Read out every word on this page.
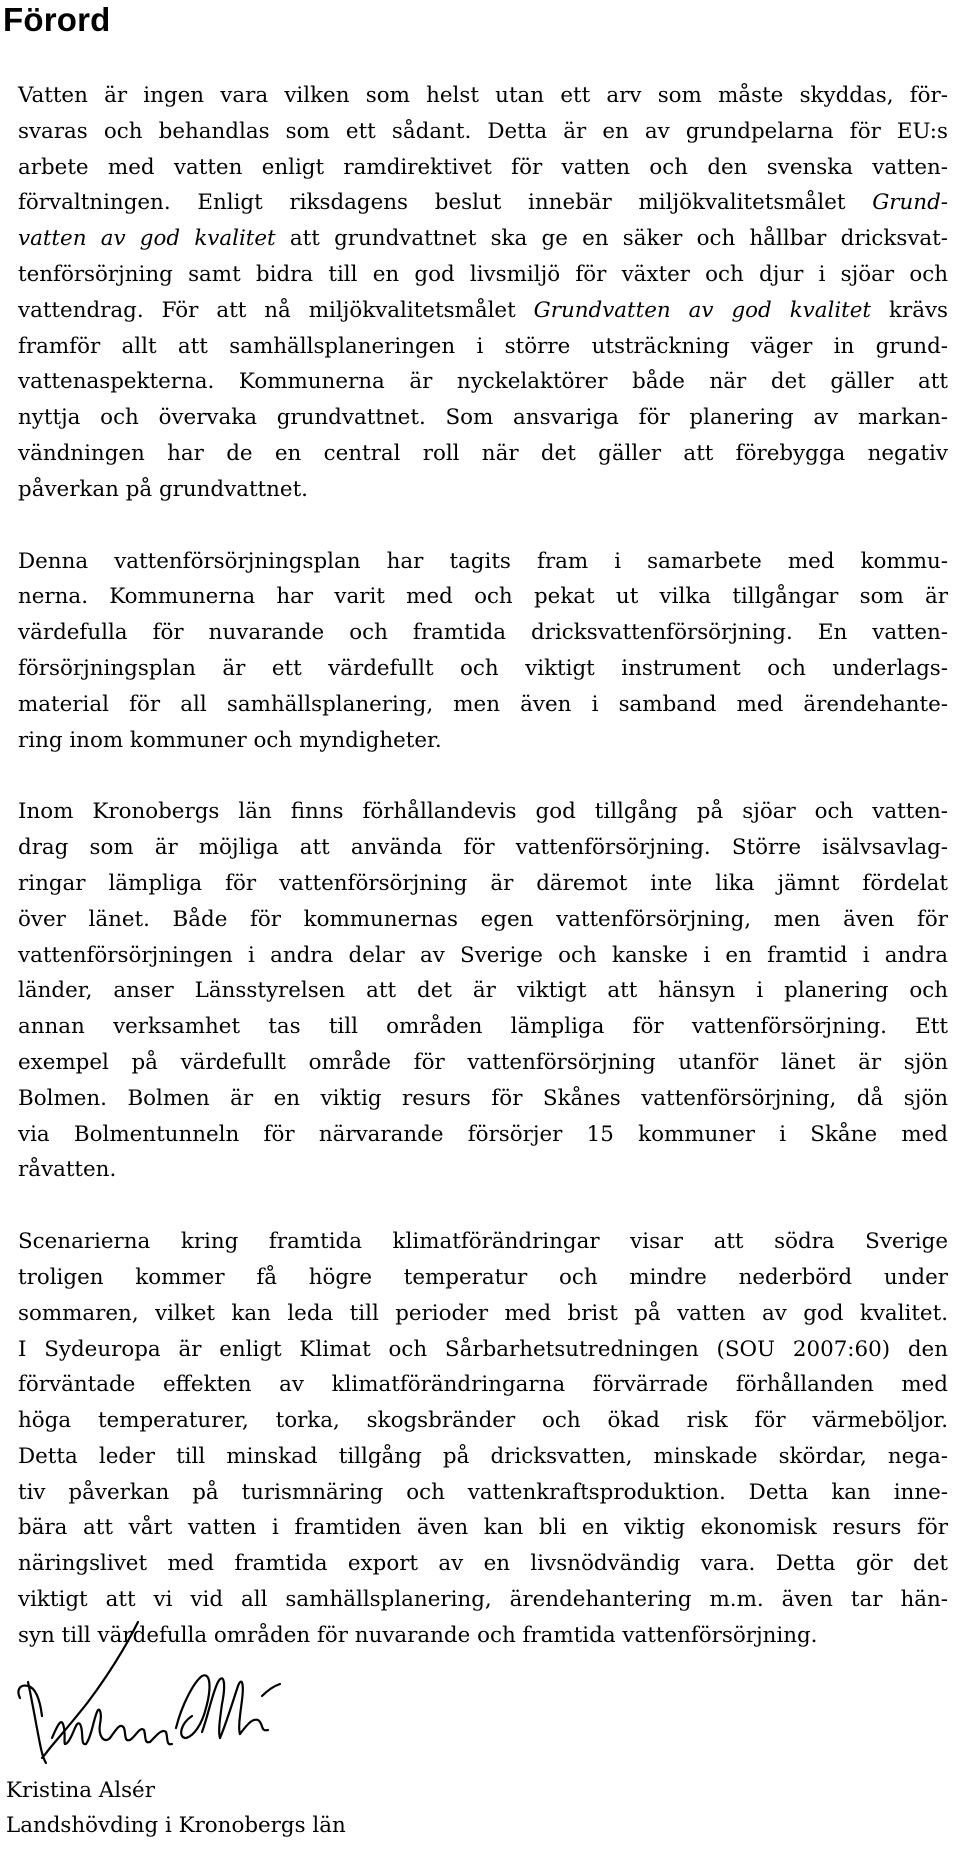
Förord
Vatten är ingen vara vilken som helst utan ett arv som måste skyddas, för-
svaras och behandlas som ett sådant. Detta är en av grundpelarna för EU:s
arbete med vatten enligt ramdirektivet för vatten och den svenska vatten-
förvaltningen. Enligt riksdagens beslut innebär miljökvalitetsmålet Grund-
vatten av god kvalitet att grundvattnet ska ge en säker och hållbar dricksvat-
tenförsörjning samt bidra till en god livsmiljö för växter och djur i sjöar och
vattendrag. För att nå miljökvalitetsmålet Grundvatten av god kvalitet krävs
framför allt att samhällsplaneringen i större utsträckning väger in grund-
vattenaspekterna. Kommunerna är nyckelaktörer både när det gäller att
nyttja och övervaka grundvattnet. Som ansvariga för planering av markan-
vändningen har de en central roll när det gäller att förebygga negativ
påverkan på grundvattnet.
Denna vattenförsörjningsplan har tagits fram i samarbete med kommu-
nerna. Kommunerna har varit med och pekat ut vilka tillgångar som är
värdefulla för nuvarande och framtida dricksvattenförsörjning. En vatten-
försörjningsplan är ett värdefullt och viktigt instrument och underlags-
material för all samhällsplanering, men även i samband med ärendehante-
ring inom kommuner och myndigheter.
Inom Kronobergs län finns förhållandevis god tillgång på sjöar och vatten-
drag som är möjliga att använda för vattenförsörjning. Större isälvsavlag-
ringar lämpliga för vattenförsörjning är däremot inte lika jämnt fördelat
över länet. Både för kommunernas egen vattenförsörjning, men även för
vattenförsörjningen i andra delar av Sverige och kanske i en framtid i andra
länder, anser Länsstyrelsen att det är viktigt att hänsyn i planering och
annan verksamhet tas till områden lämpliga för vattenförsörjning. Ett
exempel på värdefullt område för vattenförsörjning utanför länet är sjön
Bolmen. Bolmen är en viktig resurs för Skånes vattenförsörjning, då sjön
via Bolmentunneln för närvarande försörjer 15 kommuner i Skåne med
råvatten.
Scenarierna kring framtida klimatförändringar visar att södra Sverige
troligen kommer få högre temperatur och mindre nederbörd under
sommaren, vilket kan leda till perioder med brist på vatten av god kvalitet.
I Sydeuropa är enligt Klimat och Sårbarhetsutredningen (SOU 2007:60) den
förväntade effekten av klimatförändringarna förvärrade förhållanden med
höga temperaturer, torka, skogsbränder och ökad risk för värmeböljor.
Detta leder till minskad tillgång på dricksvatten, minskade skördar, nega-
tiv påverkan på turismnäring och vattenkraftsproduktion. Detta kan inne-
bära att vårt vatten i framtiden även kan bli en viktig ekonomisk resurs för
näringslivet med framtida export av en livsnödvändig vara. Detta gör det
viktigt att vi vid all samhällsplanering, ärendehantering m.m. även tar hän-
syn till värdefulla områden för nuvarande och framtida vattenförsörjning.
Kristina Alsér
Landshövding i Kronobergs län
